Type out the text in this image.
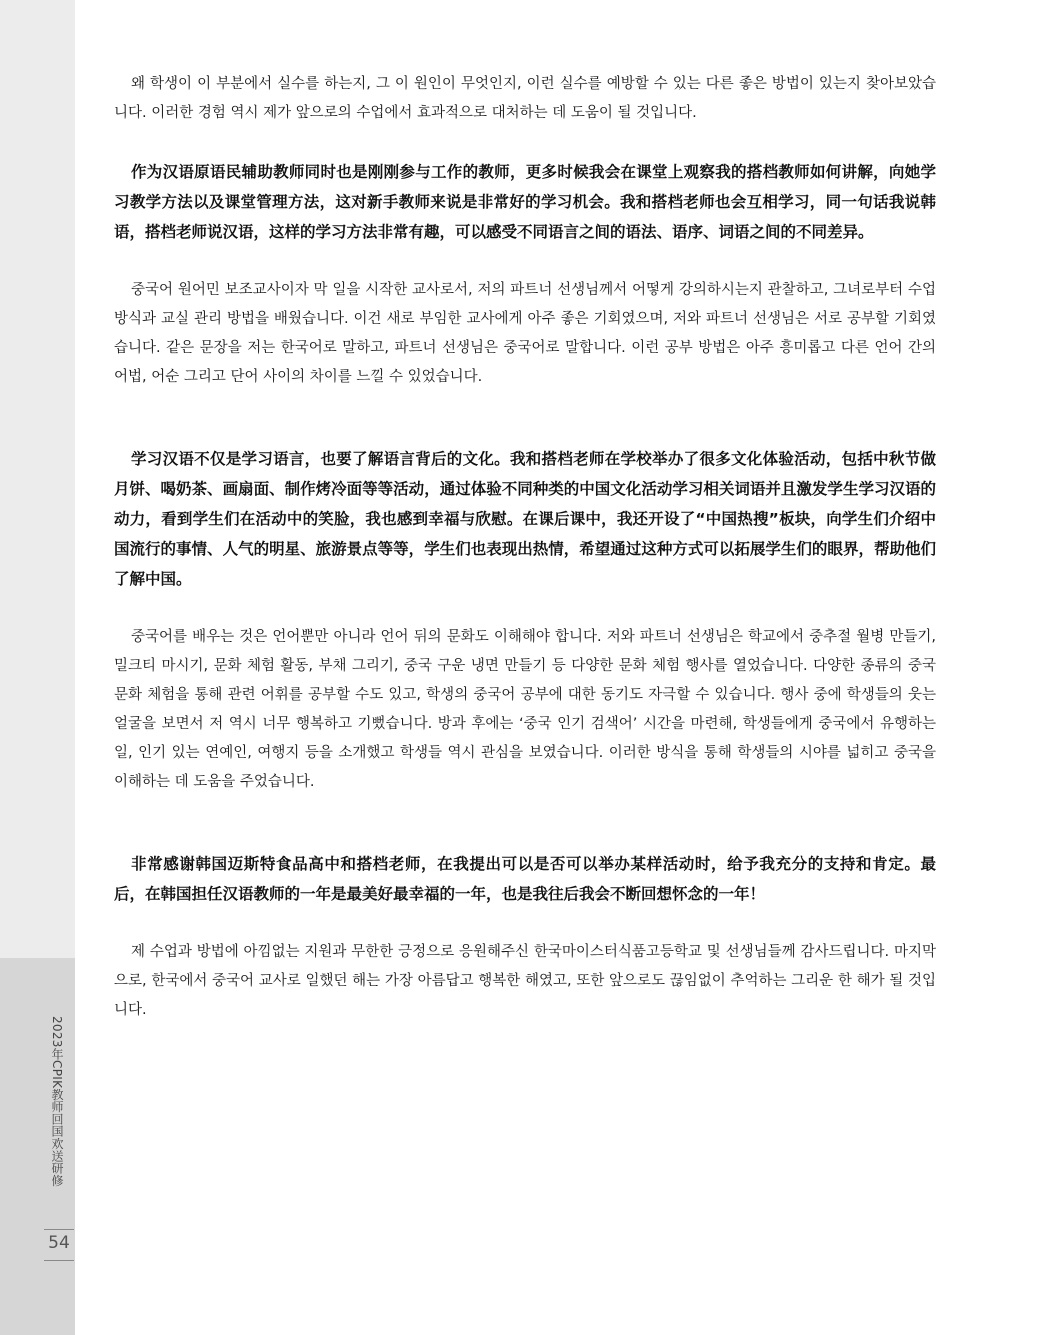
2023年CPIK教师回国欢送研修
54

왜 학생이 이 부분에서 실수를 하는지, 그 이 원인이 무엇인지, 이런 실수를 예방할 수 있는 다른 좋은 방법이 있는지 찾아보았습니다. 이러한 경험 역시 제가 앞으로의 수업에서 효과적으로 대처하는 데 도움이 될 것입니다.

作为汉语原语民辅助教师同时也是刚刚参与工作的教师，更多时候我会在课堂上观察我的搭档教师如何讲解，向她学习教学方法以及课堂管理方法，这对新手教师来说是非常好的学习机会。我和搭档老师也会互相学习，同一句话我说韩语，搭档老师说汉语，这样的学习方法非常有趣，可以感受不同语言之间的语法、语序、词语之间的不同差异。

중국어 원어민 보조교사이자 막 일을 시작한 교사로서, 저의 파트너 선생님께서 어떻게 강의하시는지 관찰하고, 그녀로부터 수업 방식과 교실 관리 방법을 배웠습니다. 이건 새로 부임한 교사에게 아주 좋은 기회였으며, 저와 파트너 선생님은 서로 공부할 기회였습니다. 같은 문장을 저는 한국어로 말하고, 파트너 선생님은 중국어로 말합니다. 이런 공부 방법은 아주 흥미롭고 다른 언어 간의 어법, 어순 그리고 단어 사이의 차이를 느낄 수 있었습니다.

学习汉语不仅是学习语言，也要了解语言背后的文化。我和搭档老师在学校举办了很多文化体验活动，包括中秋节做月饼、喝奶茶、画扇面、制作烤冷面等等活动，通过体验不同种类的中国文化活动学习相关词语并且激发学生学习汉语的动力，看到学生们在活动中的笑脸，我也感到幸福与欣慰。在课后课中，我还开设了“中国热搜”板块，向学生们介绍中国流行的事情、人气的明星、旅游景点等等，学生们也表现出热情，希望通过这种方式可以拓展学生们的眼界，帮助他们了解中国。

중국어를 배우는 것은 언어뿐만 아니라 언어 뒤의 문화도 이해해야 합니다. 저와 파트너 선생님은 학교에서 중추절 월병 만들기, 밀크티 마시기, 문화 체험 활동, 부채 그리기, 중국 구운 냉면 만들기 등 다양한 문화 체험 행사를 열었습니다. 다양한 종류의 중국 문화 체험을 통해 관련 어휘를 공부할 수도 있고, 학생의 중국어 공부에 대한 동기도 자극할 수 있습니다. 행사 중에 학생들의 웃는 얼굴을 보면서 저 역시 너무 행복하고 기뻤습니다. 방과 후에는 ‘중국 인기 검색어’ 시간을 마련해, 학생들에게 중국에서 유행하는 일, 인기 있는 연예인, 여행지 등을 소개했고 학생들 역시 관심을 보였습니다. 이러한 방식을 통해 학생들의 시야를 넓히고 중국을 이해하는 데 도움을 주었습니다.

非常感谢韩国迈斯特食品高中和搭档老师，在我提出可以是否可以举办某样活动时，给予我充分的支持和肯定。最后，在韩国担任汉语教师的一年是最美好最幸福的一年，也是我往后我会不断回想怀念的一年！

제 수업과 방법에 아낌없는 지원과 무한한 긍정으로 응원해주신 한국마이스터식품고등학교 및 선생님들께 감사드립니다. 마지막으로, 한국에서 중국어 교사로 일했던 해는 가장 아름답고 행복한 해였고, 또한 앞으로도 끊임없이 추억하는 그리운 한 해가 될 것입니다.
